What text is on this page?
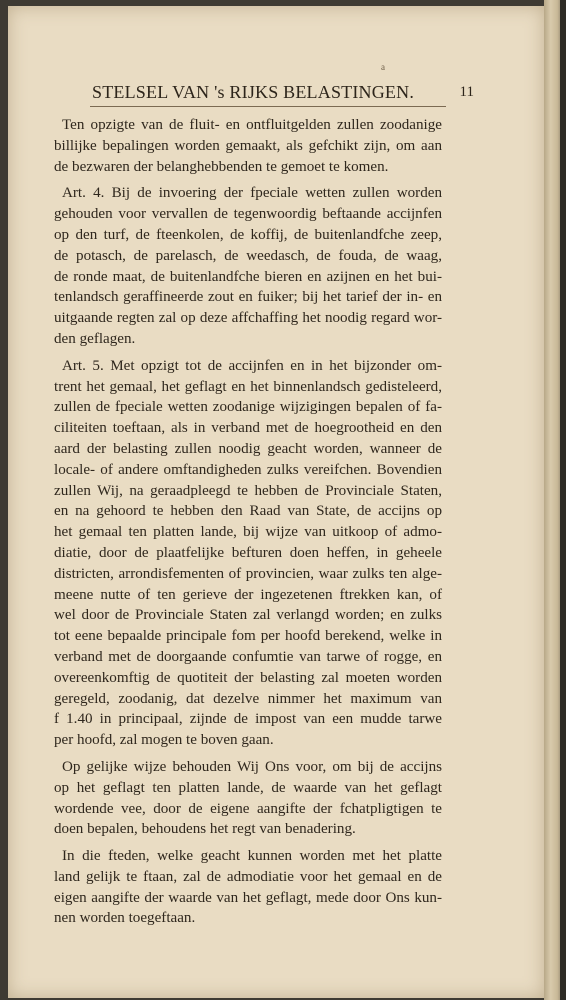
a
STELSEL VAN 's RIJKS BELASTINGEN.	11
Ten opzigte van de fluit- en ontfluitgelden zullen zoodanige
billijke bepalingen worden gemaakt, als gefchikt zijn, om aan
de bezwaren der belanghebbenden te gemoet te komen.
Art. 4. Bij de invoering der fpeciale wetten zullen worden
gehouden voor vervallen de tegenwoordig beftaande accijnfen
op den turf, de fteenkolen, de koffij, de buitenlandfche zeep,
de potasch, de parelasch, de weedasch, de fouda, de waag,
de ronde maat, de buitenlandfche bieren en azijnen en het bui-
tenlandsch geraffineerde zout en fuiker; bij het tarief der in- en
uitgaande regten zal op deze affchaffing het noodig regard wor-
den geflagen.
Art. 5. Met opzigt tot de accijnfen en in het bijzonder om-
trent het gemaal, het geflagt en het binnenlandsch gedisteleerd,
zullen de fpeciale wetten zoodanige wijzigingen bepalen of fa-
ciliteiten toeftaan, als in verband met de hoegrootheid en den
aard der belasting zullen noodig geacht worden, wanneer de
locale- of andere omftandigheden zulks vereifchen. Bovendien
zullen Wij, na geraadpleegd te hebben de Provinciale Staten,
en na gehoord te hebben den Raad van State, de accijns op
het gemaal ten platten lande, bij wijze van uitkoop of admo-
diatie, door de plaatfelijke befturen doen heffen, in geheele
districten, arrondisfementen of provincien, waar zulks ten alge-
meene nutte of ten gerieve der ingezetenen ftrekken kan, of
wel door de Provinciale Staten zal verlangd worden; en zulks
tot eene bepaalde principale fom per hoofd berekend, welke in
verband met de doorgaande confumtie van tarwe of rogge, en
overeenkomftig de quotiteit der belasting zal moeten worden
geregeld, zoodanig, dat dezelve nimmer het maximum van
f 1.40 in principaal, zijnde de impost van een mudde tarwe
per hoofd, zal mogen te boven gaan.
Op gelijke wijze behouden Wij Ons voor, om bij de accijns
op het geflagt ten platten lande, de waarde van het geflagt
wordende vee, door de eigene aangifte der fchatpligtigen te
doen bepalen, behoudens het regt van benadering.
In die fteden, welke geacht kunnen worden met het platte
land gelijk te ftaan, zal de admodiatie voor het gemaal en de
eigen aangifte der waarde van het geflagt, mede door Ons kun-
nen worden toegeftaan.
